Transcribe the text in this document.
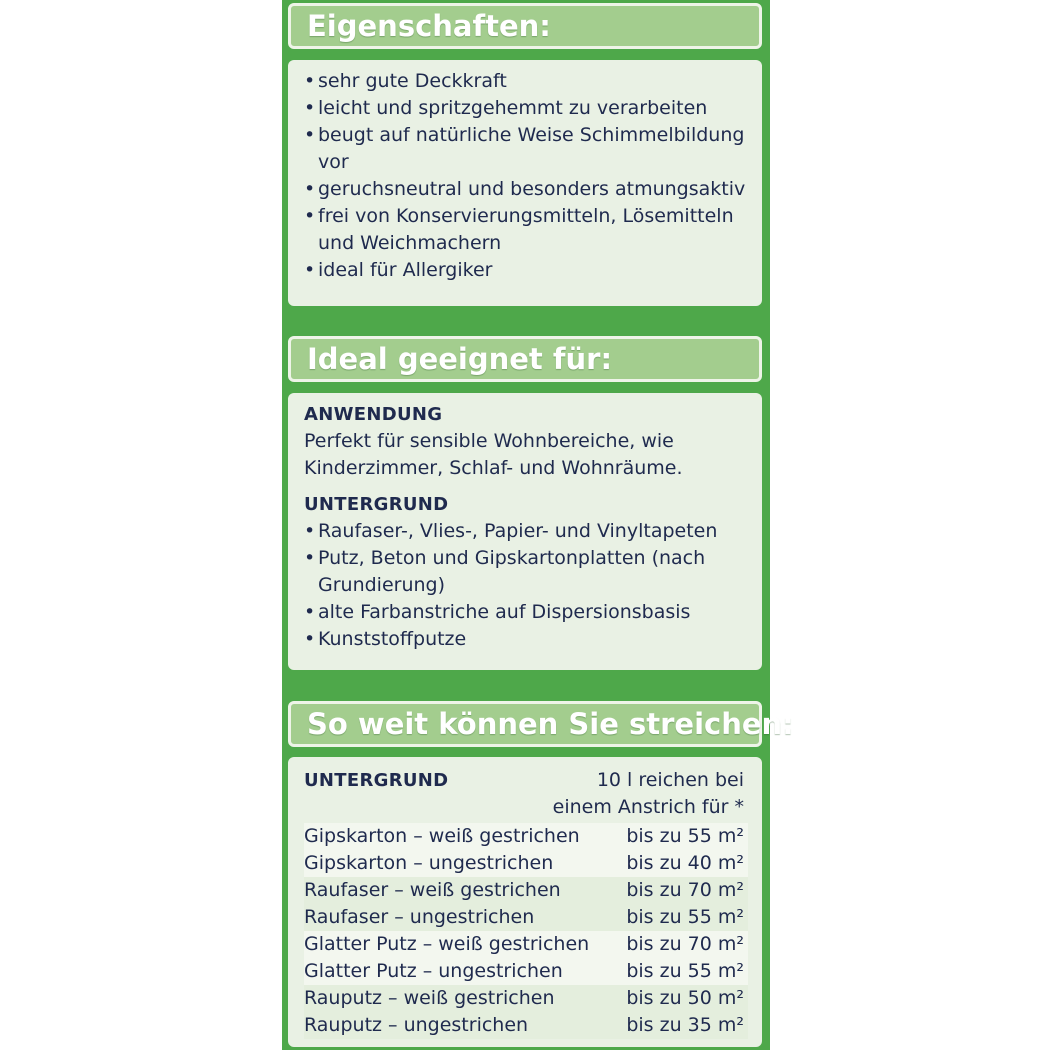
Eigenschaften:
• sehr gute Deckkraft
• leicht und spritzgehemmt zu verarbeiten
• beugt auf natürliche Weise Schimmelbildung vor
• geruchsneutral und besonders atmungsaktiv
• frei von Konservierungsmitteln, Lösemitteln und Weichmachern
• ideal für Allergiker
Ideal geeignet für:
ANWENDUNG
Perfekt für sensible Wohnbereiche, wie Kinderzimmer, Schlaf- und Wohnräume.
UNTERGRUND
• Raufaser-, Vlies-, Papier- und Vinyltapeten
• Putz, Beton und Gipskartonplatten (nach Grundierung)
• alte Farbanstriche auf Dispersionsbasis
• Kunststoffputze
So weit können Sie streichen:
UNTERGRUND	10 l reichen bei
einem Anstrich für *
Gipskarton – weiß gestrichen	bis zu 55 m²
Gipskarton – ungestrichen	bis zu 40 m²
Raufaser – weiß gestrichen	bis zu 70 m²
Raufaser – ungestrichen	bis zu 55 m²
Glatter Putz – weiß gestrichen	bis zu 70 m²
Glatter Putz – ungestrichen	bis zu 55 m²
Rauputz – weiß gestrichen	bis zu 50 m²
Rauputz – ungestrichen	bis zu 35 m²
